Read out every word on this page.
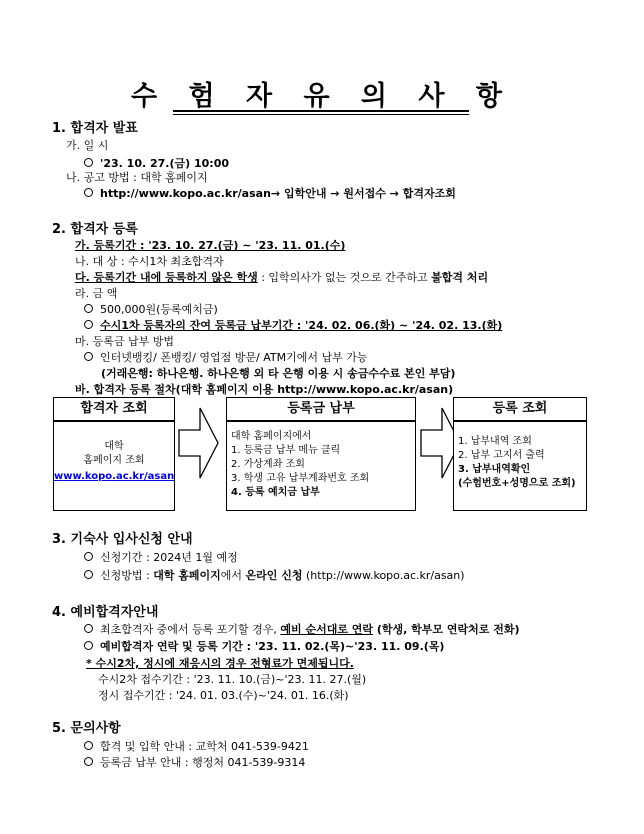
수 험 자 유 의 사 항
1. 합격자 발표
가. 일 시
'23. 10. 27.(금) 10:00
나. 공고 방법 : 대학 홈페이지
http://www.kopo.ac.kr/asan→ 입학안내 → 원서접수 → 합격자조회
2. 합격자 등록
가. 등록기간 : '23. 10. 27.(금) ~ '23. 11. 01.(수)
나. 대 상 : 수시1차 최초합격자
다. 등록기간 내에 등록하지 않은 학생 : 입학의사가 없는 것으로 간주하고 불합격 처리
라. 금 액
500,000원(등록예치금)
수시1차 등록자의 잔여 등록금 납부기간 : '24. 02. 06.(화) ~ '24. 02. 13.(화)
마. 등록금 납부 방법
인터넷뱅킹/ 폰뱅킹/ 영업점 방문/ ATM기에서 납부 가능
(거래은행: 하나은행. 하나은행 외 타 은행 이용 시 송금수수료 본인 부담)
바. 합격자 등록 절차(대학 홈페이지 이용 http://www.kopo.ac.kr/asan)
합격자 조회
대학
홈페이지 조회
www.kopo.ac.kr/asan
등록금 납부
대학 홈페이지에서
1. 등록금 납부 메뉴 클릭
2. 가상계좌 조회
3. 학생 고유 납부계좌번호 조회
4. 등록 예치금 납부
등록 조회
1. 납부내역 조회
2. 납부 고지서 출력
3. 납부내역확인
(수험번호+성명으로 조회)
3. 기숙사 입사신청 안내
신청기간 : 2024년 1월 예정
신청방법 : 대학 홈페이지에서 온라인 신청 (http://www.kopo.ac.kr/asan)
4. 예비합격자안내
최초합격자 중에서 등록 포기할 경우, 예비 순서대로 연락 (학생, 학부모 연락처로 전화)
예비합격자 연락 및 등록 기간 : '23. 11. 02.(목)~'23. 11. 09.(목)
* 수시2차, 정시에 재응시의 경우 전형료가 면제됩니다.
수시2차 접수기간 : '23. 11. 10.(금)~'23. 11. 27.(월)
정시 접수기간 : '24. 01. 03.(수)~'24. 01. 16.(화)
5. 문의사항
합격 및 입학 안내 : 교학처 041-539-9421
등록금 납부 안내 : 행정처 041-539-9314
